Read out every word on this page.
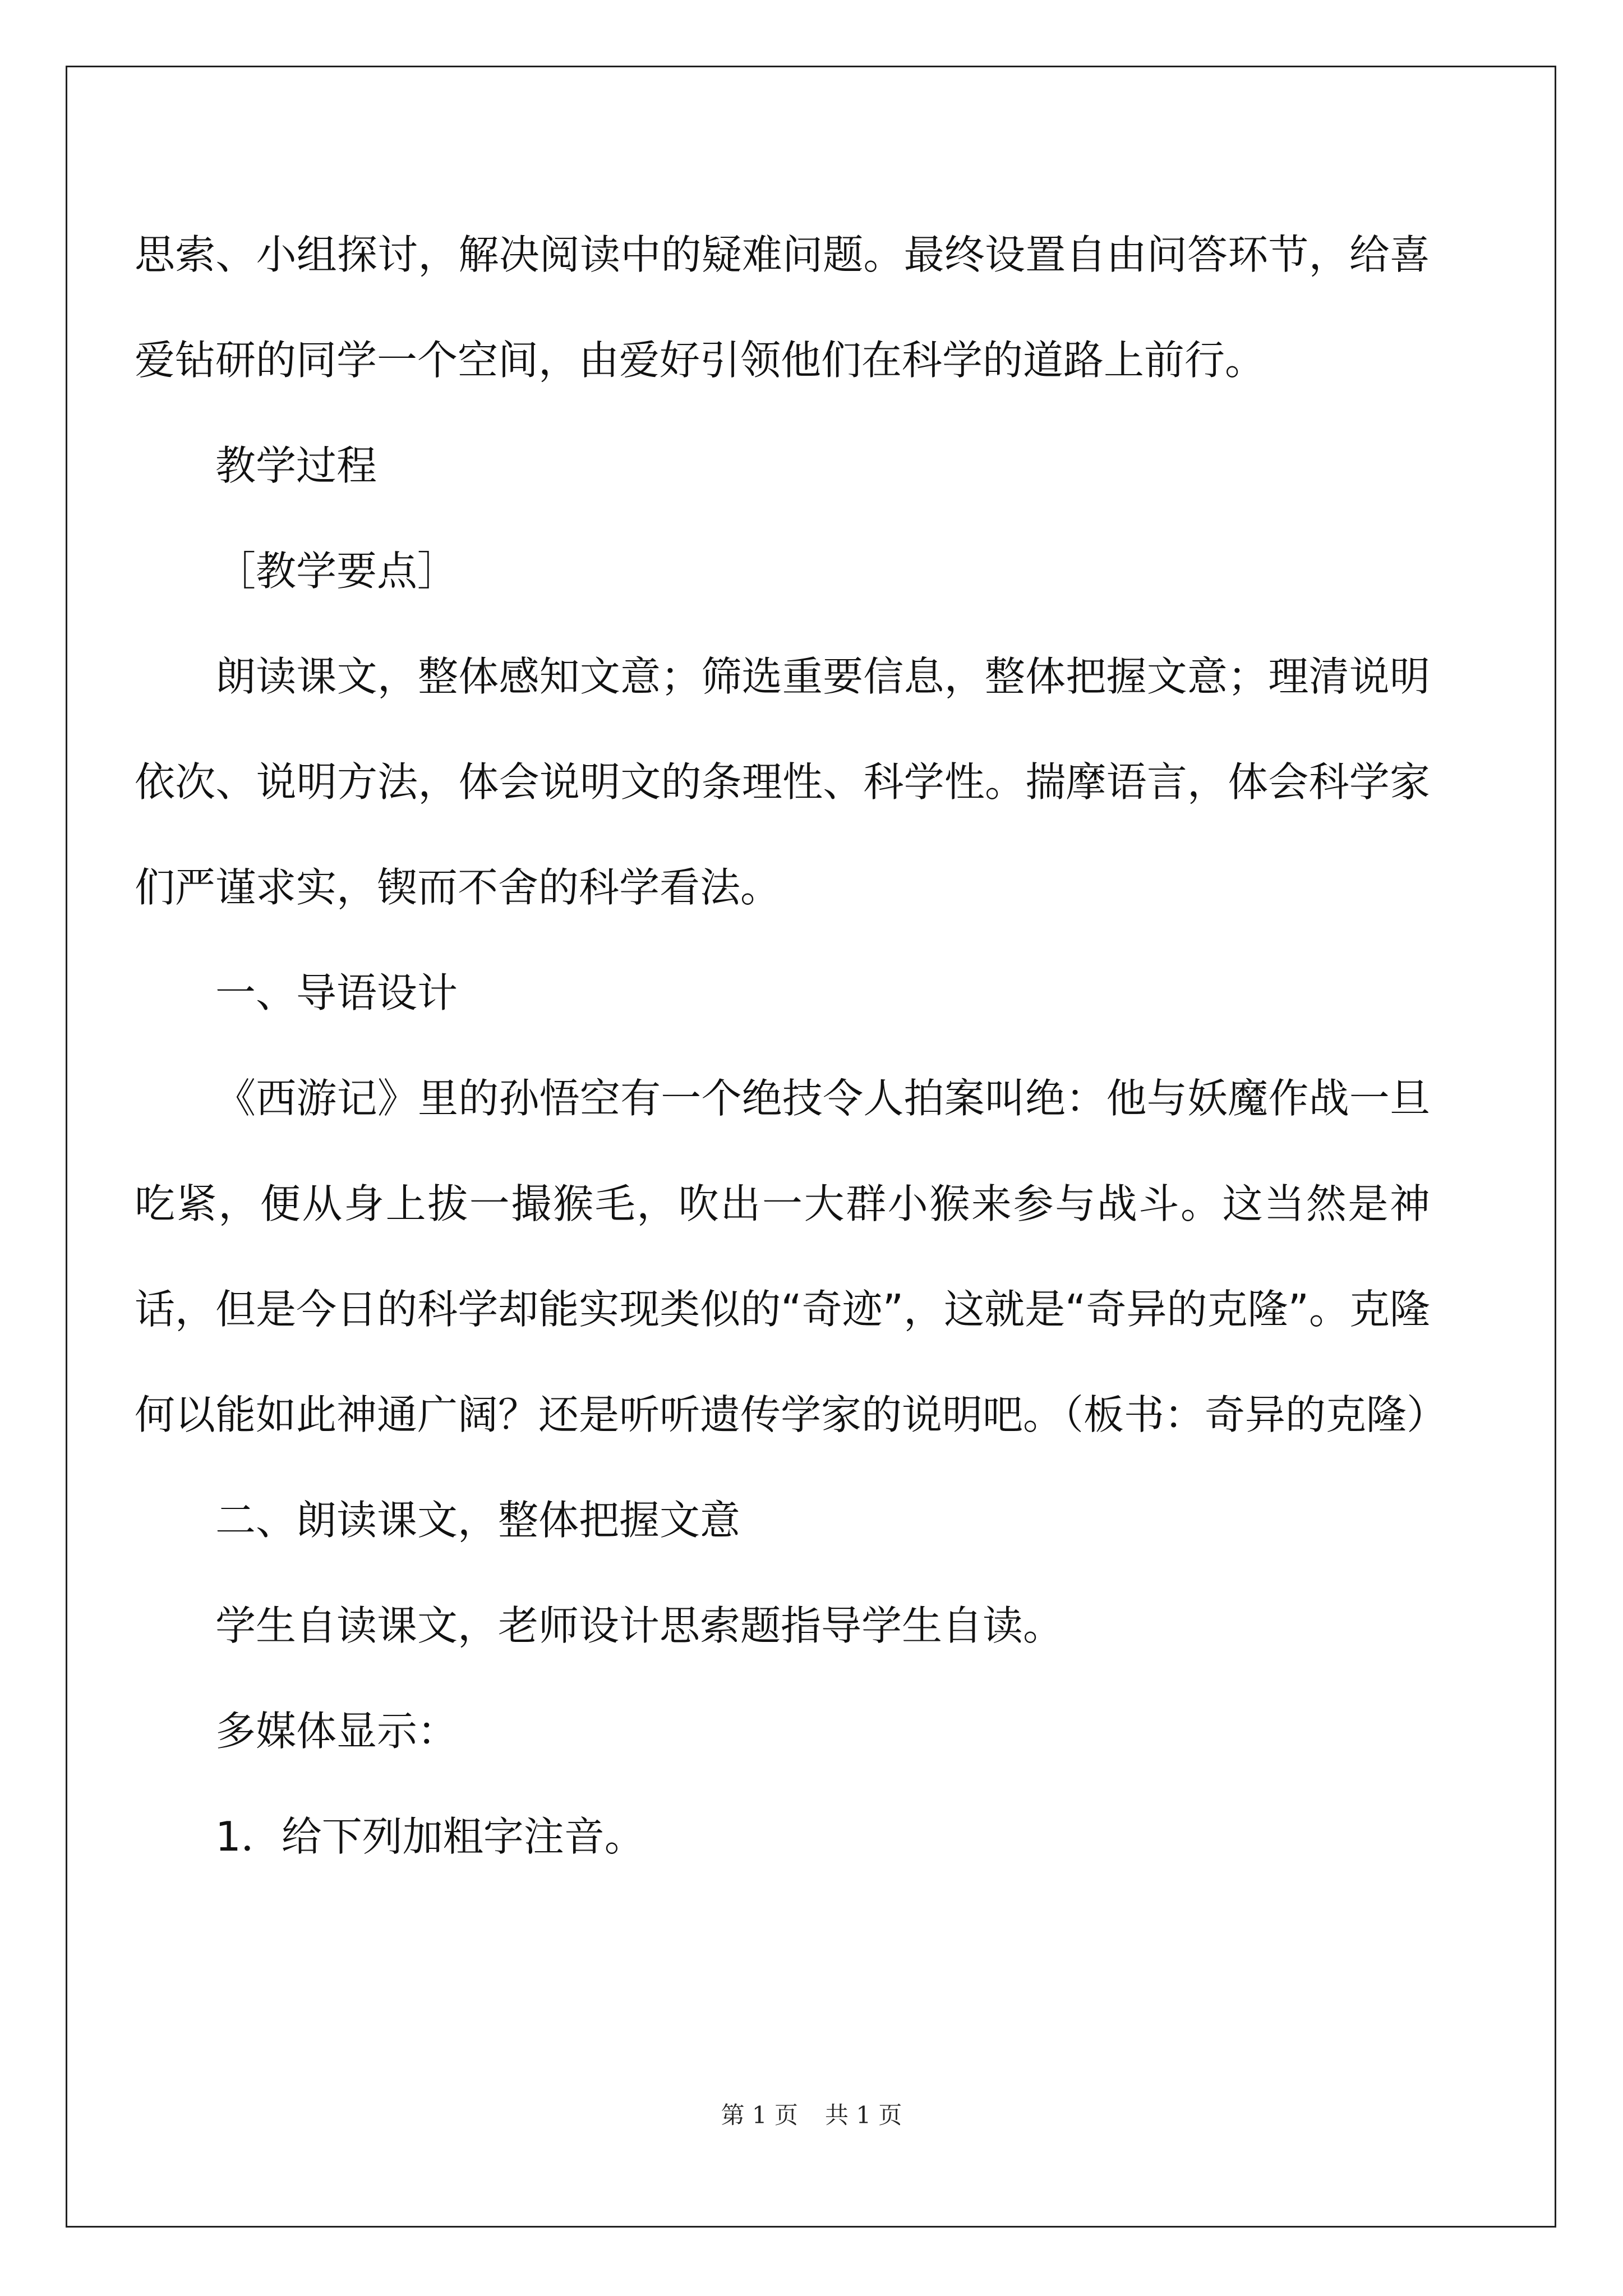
思索、小组探讨，解决阅读中的疑难问题。最终设置自由问答环节，给喜爱钻研的同学一个空间，由爱好引领他们在科学的道路上前行。

教学过程

［教学要点］

朗读课文，整体感知文意；筛选重要信息，整体把握文意；理清说明依次、说明方法，体会说明文的条理性、科学性。揣摩语言，体会科学家们严谨求实，锲而不舍的科学看法。

一、导语设计

《西游记》里的孙悟空有一个绝技令人拍案叫绝：他与妖魔作战一旦吃紧，便从身上拔一撮猴毛，吹出一大群小猴来参与战斗。这当然是神话，但是今日的科学却能实现类似的“奇迹”，这就是“奇异的克隆”。克隆何以能如此神通广阔？还是听听遗传学家的说明吧。（板书：奇异的克隆）

二、朗读课文，整体把握文意

学生自读课文，老师设计思索题指导学生自读。

多媒体显示：

1．给下列加粗字注音。

第 1 页 共 1 页
